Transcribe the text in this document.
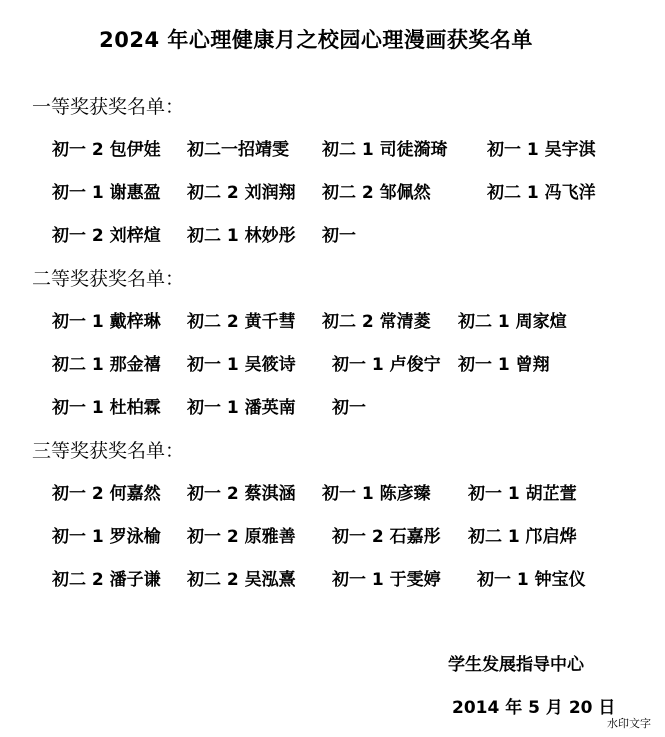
2024 年心理健康月之校园心理漫画获奖名单
一等奖获奖名单：
初一 2 包伊娃 初二一招靖雯 初二 1 司徒漪琦 初一 1 吴宇淇
初一 1 谢惠盈 初二 2 刘润翔 初二 2 邹佩然	初二 1 冯飞洋
初一 2 刘梓煊 初二 1 林妙彤 初一
二等奖获奖名单：
初一 1 戴梓琳 初二 2 黄千彗 初二 2 常清菱 初二 1 周家煊
初二 1 那金禧 初一 1 吴筱诗 初一 1 卢俊宁 初一 1 曾翔
初一 1 杜柏霖 初一 1 潘英南 初一
三等奖获奖名单：
初一 2 何嘉然 初一 2 蔡淇涵 初一 1 陈彦臻 初一 1 胡芷萱
初一 1 罗泳榆 初一 2 原雅善 初一 2 石嘉彤 初二 1 邝启烨
初二 2 潘子谦 初二 2 吴泓熹 初一 1 于雯婷 初一 1 钟宝仪
学生发展指导中心
2014 年 5 月 20 日
水印文字
